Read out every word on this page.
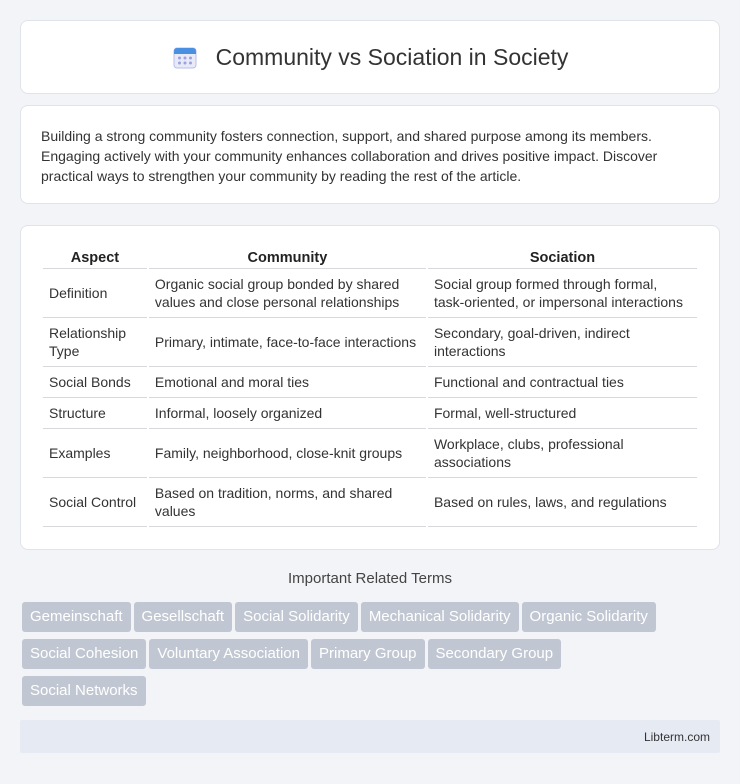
Community vs Sociation in Society

Building a strong community fosters connection, support, and shared purpose among its members. Engaging actively with your community enhances collaboration and drives positive impact. Discover practical ways to strengthen your community by reading the rest of the article.

Aspect	Community	Sociation
Definition	Organic social group bonded by shared values and close personal relationships	Social group formed through formal, task-oriented, or impersonal interactions
Relationship Type	Primary, intimate, face-to-face interactions	Secondary, goal-driven, indirect interactions
Social Bonds	Emotional and moral ties	Functional and contractual ties
Structure	Informal, loosely organized	Formal, well-structured
Examples	Family, neighborhood, close-knit groups	Workplace, clubs, professional associations
Social Control	Based on tradition, norms, and shared values	Based on rules, laws, and regulations
Important Related Terms
Gemeinschaft Gesellschaft Social Solidarity Mechanical Solidarity Organic Solidarity
Social Cohesion Voluntary Association Primary Group Secondary Group
Social Networks
Libterm.com
